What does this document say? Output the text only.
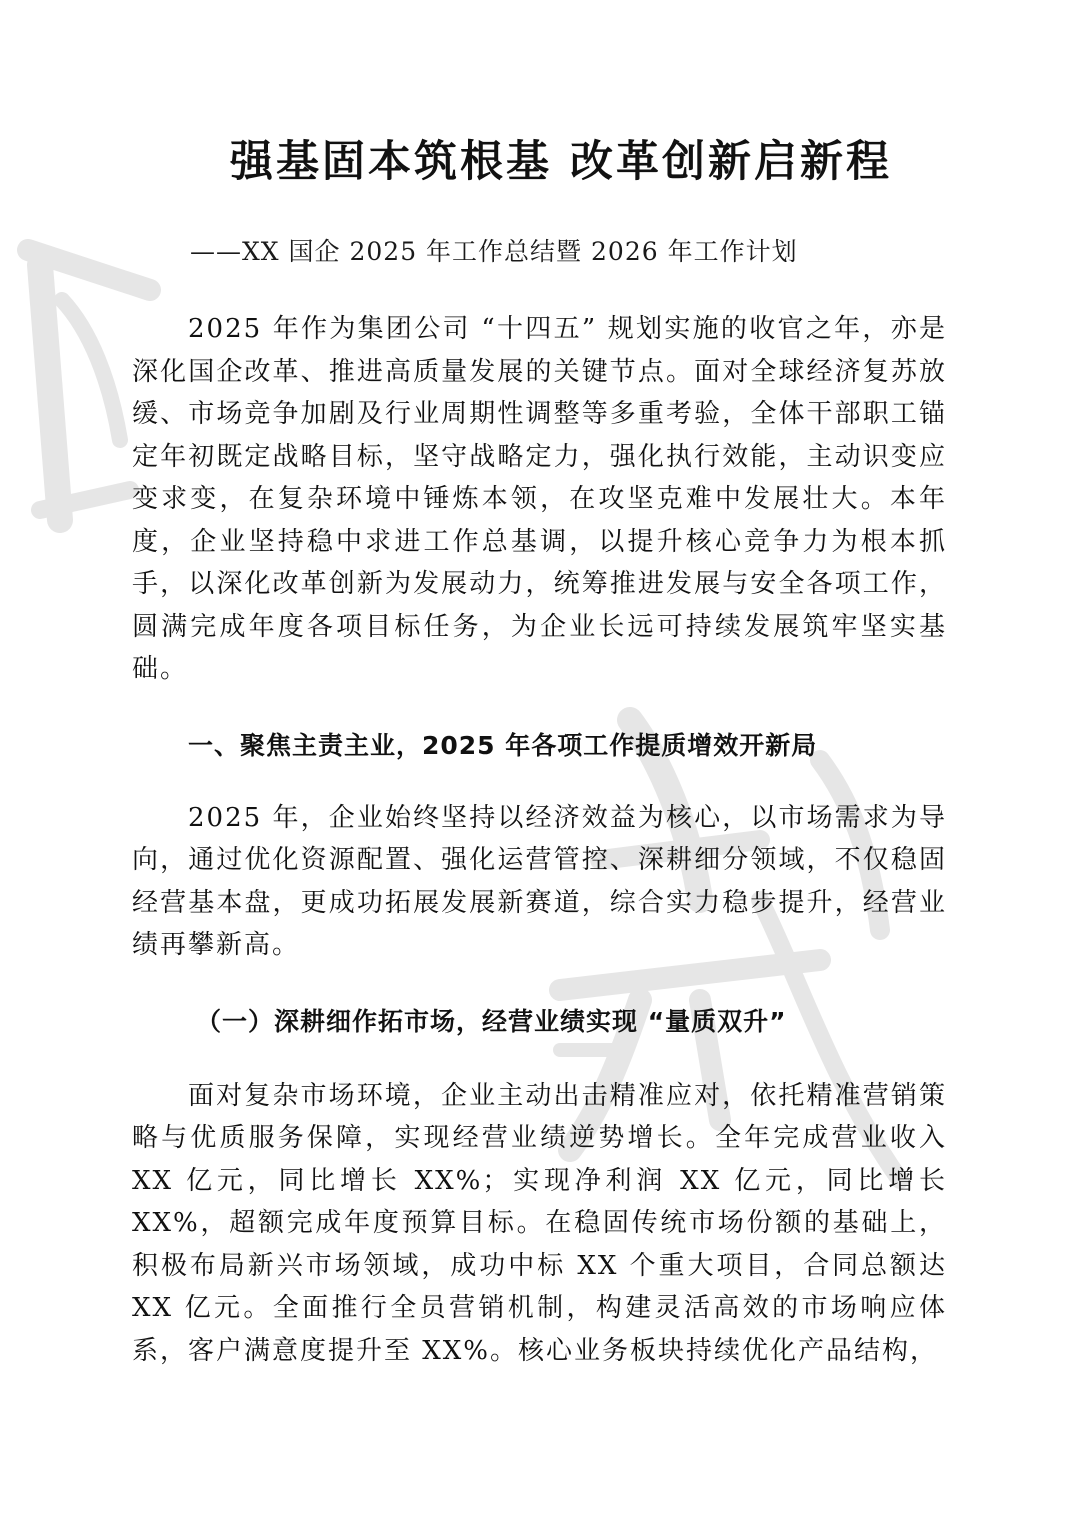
强基固本筑根基 改革创新启新程

——XX 国企 2025 年工作总结暨 2026 年工作计划

2025 年作为集团公司 “十四五” 规划实施的收官之年，亦是深化国企改革、推进高质量发展的关键节点。面对全球经济复苏放缓、市场竞争加剧及行业周期性调整等多重考验，全体干部职工锚定年初既定战略目标，坚守战略定力，强化执行效能，主动识变应变求变，在复杂环境中锤炼本领，在攻坚克难中发展壮大。本年度，企业坚持稳中求进工作总基调，以提升核心竞争力为根本抓手，以深化改革创新为发展动力，统筹推进发展与安全各项工作，圆满完成年度各项目标任务，为企业长远可持续发展筑牢坚实基础。

一、聚焦主责主业，2025 年各项工作提质增效开新局

2025 年，企业始终坚持以经济效益为核心，以市场需求为导向，通过优化资源配置、强化运营管控、深耕细分领域，不仅稳固经营基本盘，更成功拓展发展新赛道，综合实力稳步提升，经营业绩再攀新高。

（一）深耕细作拓市场，经营业绩实现 “量质双升”

面对复杂市场环境，企业主动出击精准应对，依托精准营销策略与优质服务保障，实现经营业绩逆势增长。全年完成营业收入 XX 亿元，同比增长 XX%；实现净利润 XX 亿元，同比增长XX%，超额完成年度预算目标。在稳固传统市场份额的基础上，积极布局新兴市场领域，成功中标 XX 个重大项目，合同总额达XX 亿元。全面推行全员营销机制，构建灵活高效的市场响应体系，客户满意度提升至 XX%。核心业务板块持续优化产品结构，
